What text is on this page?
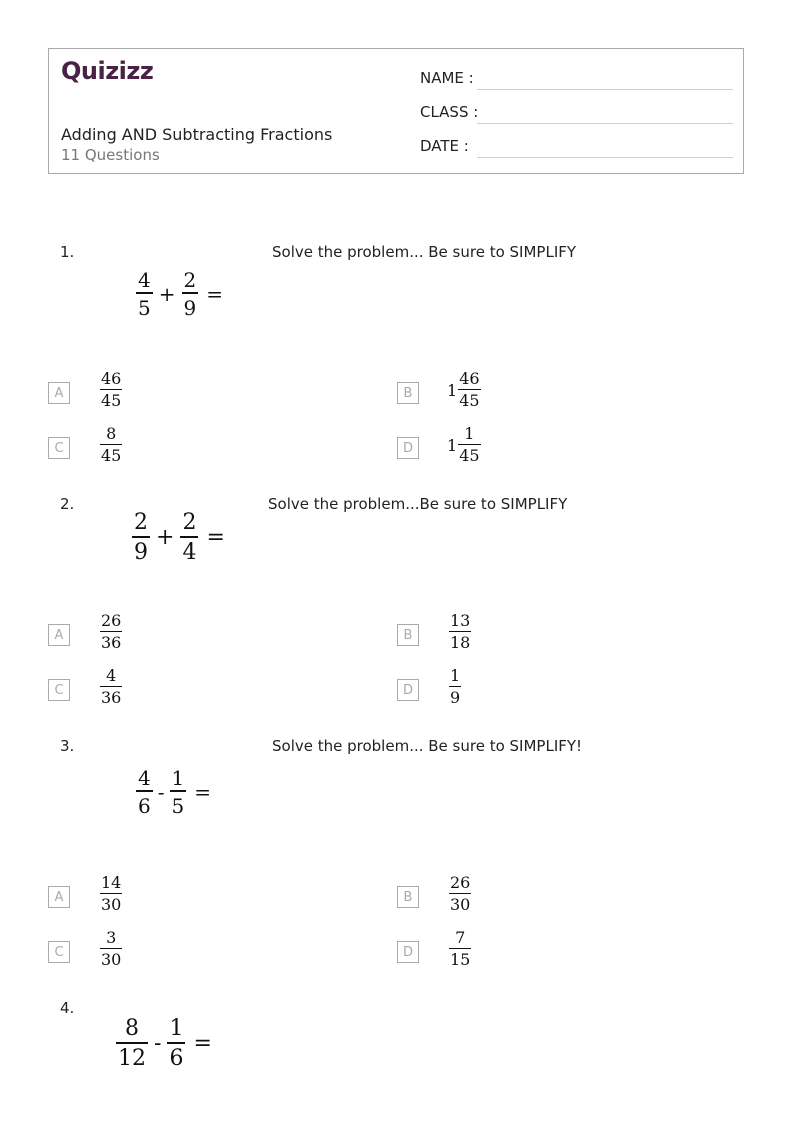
Quizizz
Adding AND Subtracting Fractions
11 Questions
NAME :
CLASS :
DATE :
1.	Solve the problem... Be sure to SIMPLIFY
$\frac{4}{5} + \frac{2}{9}$ =
A	$\frac{46}{45}$	B	$1 \frac{46}{45}$
C	$\frac{8}{45}$	D	$1 \frac{1}{45}$
2.	Solve the problem...Be sure to SIMPLIFY
$\frac{2}{9} + \frac{2}{4}$ =
A	$\frac{26}{36}$	B	$\frac{13}{18}$
C	$\frac{4}{36}$	D	$\frac{1}{9}$
3.	Solve the problem... Be sure to SIMPLIFY!
$\frac{4}{6} - \frac{1}{5}$ =
A	$\frac{14}{30}$	B	$\frac{26}{30}$
C	$\frac{3}{30}$	D	$\frac{7}{15}$
4.
$\frac{8}{12} - \frac{1}{6}$ =
